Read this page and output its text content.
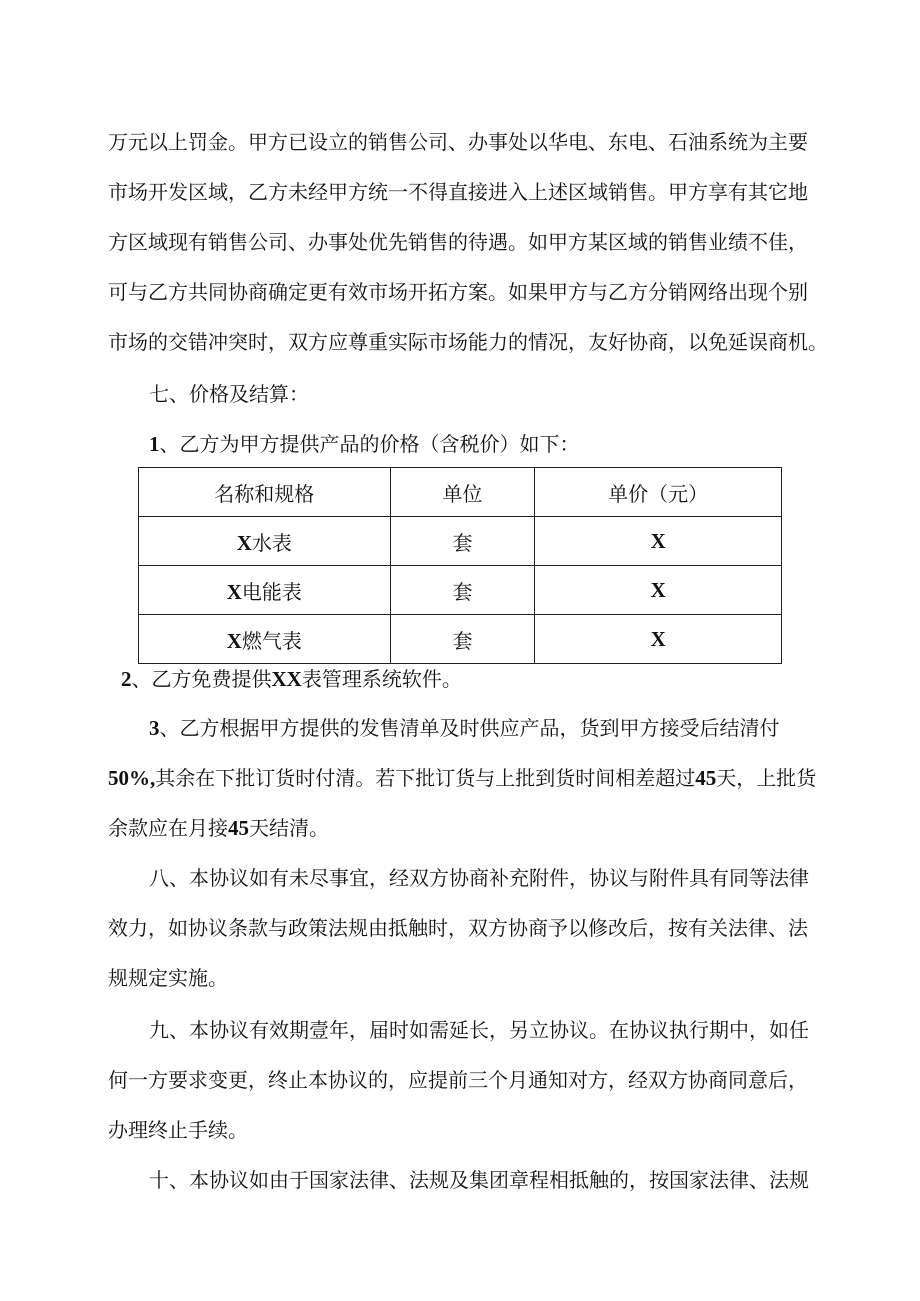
万元以上罚金。甲方已设立的销售公司、办事处以华电、东电、石油系统为主要
市场开发区域，乙方未经甲方统一不得直接进入上述区域销售。甲方享有其它地
方区域现有销售公司、办事处优先销售的待遇。如甲方某区域的销售业绩不佳，
可与乙方共同协商确定更有效市场开拓方案。如果甲方与乙方分销网络出现个别
市场的交错冲突时，双方应尊重实际市场能力的情况，友好协商，以免延误商机。
七、价格及结算：
1、乙方为甲方提供产品的价格（含税价）如下：
名称和规格	单位	单价（元）
X水表	套	X
X电能表	套	X
X燃气表	套	X
2、乙方免费提供XX表管理系统软件。
3、乙方根据甲方提供的发售清单及时供应产品，货到甲方接受后结清付
50%,其余在下批订货时付清。若下批订货与上批到货时间相差超过45天，上批货
余款应在月接45天结清。
八、本协议如有未尽事宜，经双方协商补充附件，协议与附件具有同等法律
效力，如协议条款与政策法规由抵触时，双方协商予以修改后，按有关法律、法
规规定实施。
九、本协议有效期壹年，届时如需延长，另立协议。在协议执行期中，如任
何一方要求变更，终止本协议的，应提前三个月通知对方，经双方协商同意后，
办理终止手续。
十、本协议如由于国家法律、法规及集团章程相抵触的，按国家法律、法规
